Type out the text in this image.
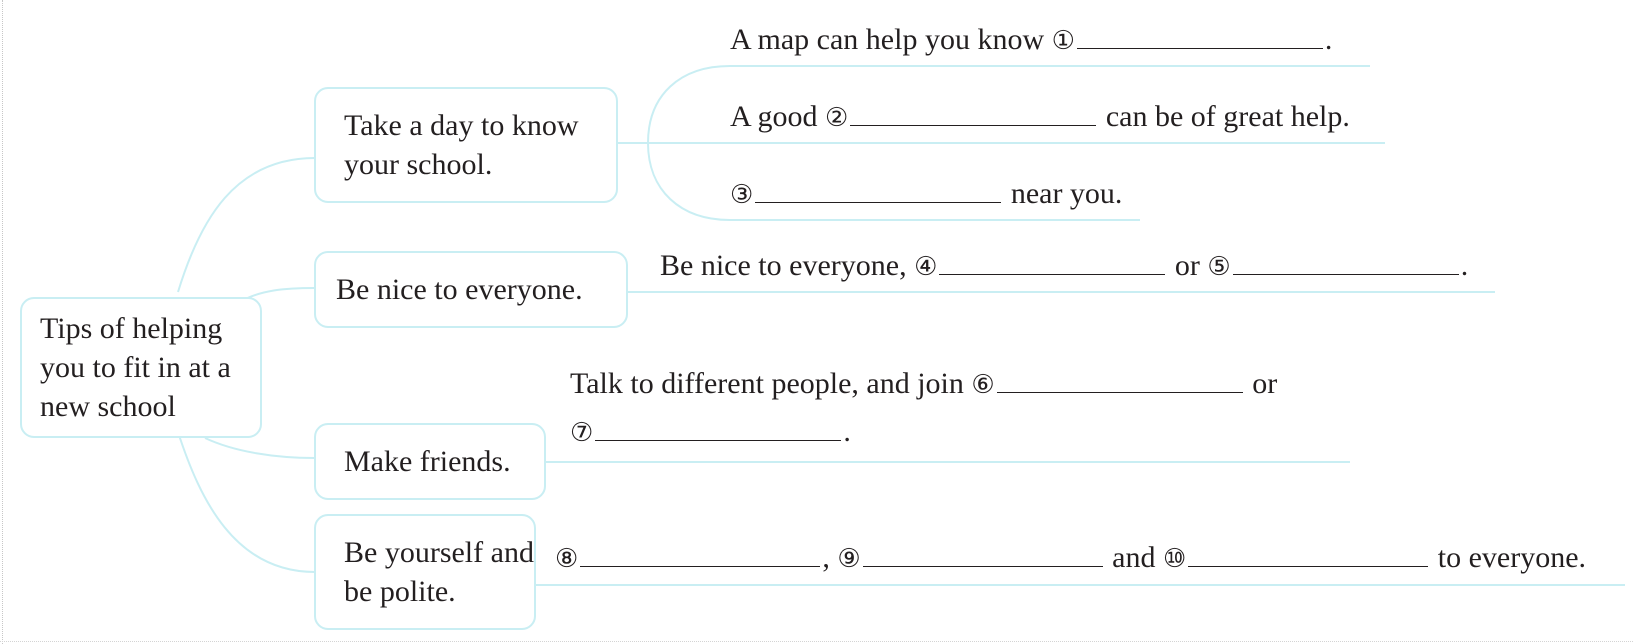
Tips of helping you to fit in at a new school
Take a day to know your school.
Be nice to everyone.
Make friends.
Be yourself and be polite.
A map can help you know ①	.
A good ②	can be of great help.
③	near you.
Be nice to everyone, ④	or ⑤	.
Talk to different people, and join ⑥	or
⑦	.
⑧	, ⑨	and ⑩	to everyone.
